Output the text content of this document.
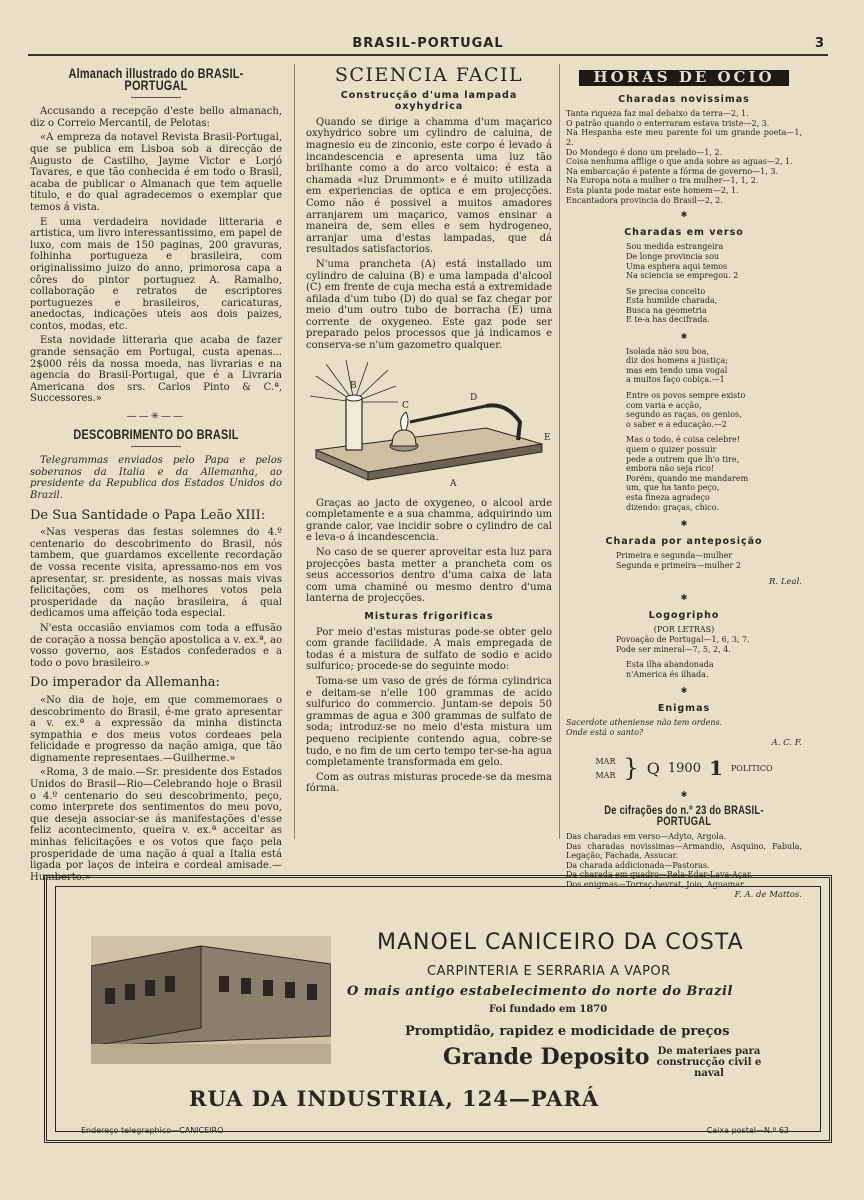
BRASIL-PORTUGAL	3
Almanach illustrado do BRASIL-PORTUGAL

Accusando a recepção d'este bello almanach, diz o Correio Mercantil, de Pelotas:

«A empreza da notavel Revista Brasil-Portugal, que se publica em Lisboa sob a direcção de Augusto de Castilho, Jayme Victor e Lorjó Tavares, e que tão conhecida é em todo o Brasil, acaba de publicar o Almanach que tem aquelle titulo, e do qual agradecemos o exemplar que temos á vista.

E uma verdadeira novidade litteraria e artistica, um livro interessantissimo, em papel de luxo, com mais de 150 paginas, 200 gravuras, folhinha portugueza e brasileira, com originalissimo juizo do anno, primorosa capa a côres do pintor portuguez A. Ramalho, collaboração e retratos de escriptores portuguezes e brasileiros, caricaturas, anedoctas, indicações uteis aos dois paizes, contos, modas, etc.

Esta novidade litteraria que acaba de fazer grande sensação em Portugal, custa apenas... 2$000 réis da nossa moeda, nas livrarias e na agencia do Brasil-Portugal, que é a Livraria Americana dos srs. Carlos Pinto & C.ª, Successores.»

——✳——
DESCOBRIMENTO DO BRASIL

Telegrammas enviados pelo Papa e pelos soberanos da Italia e da Allemanha, ao presidente da Republica dos Estados Unidos do Brazil.

De Sua Santidade o Papa Leão XIII:

«Nas vesperas das festas solemnes do 4.º centenario do descobrimento do Brasil, nós tambem, que guardamos excellente recordação de vossa recente visita, apressamo-nos em vos apresentar, sr. presidente, as nossas mais vivas felicitações, com os melhores votos pela prosperidade da nação brasileira, á qual dedicamos uma affeição toda especial.

N'esta occasião enviamos com toda a effusão de coração a nossa benção apostolica a v. ex.ª, ao vosso governo, aos Estados confederados e a todo o povo brasileiro.»

Do imperador da Allemanha:

«No dia de hoje, em que commemoraes o descobrimento do Brasil, é-me grato apresentar a v. ex.ª a expressão da minha distincta sympathia e dos meus votos cordeaes pela felicidade e progresso da nação amiga, que tão dignamente representaes.—Guilherme.»

«Roma, 3 de maio.—Sr. presidente dos Estados Unidos do Brasil—Rio—Celebrando hoje o Brasil o 4.º centenario do seu descobrimento, peço, como interprete dos sentimentos do meu povo, que deseja associar-se ás manifestações d'esse feliz acontecimento, queira v. ex.ª acceitar as minhas felicitações e os votos que faço pela prosperidade de uma nação á qual a Italia está ligada por laços de inteira e cordeal amisade.—Humberto.»

SCIENCIA FACIL
Construcção d'uma lampada oxyhydrica

Quando se dirige a chamma d'um maçarico oxyhydrico sobre um cylindro de caluina, de magnesio eu de zinconio, este corpo é levado á incandescencia e apresenta uma luz tão brilhante como a do arco voltaico: é esta a chamada «luz Drummont» e é muito utilizada em experiencias de optica e em projecções. Como não é possivel a muitos amadores arranjarem um maçarico, vamos ensinar a maneira de, sem elles e sem hydrogeneo, arranjar uma d'estas lampadas, que dá resultados satisfactorios.

N'uma prancheta (A) está installado um cylindro de caluina (B) e uma lampada d'alcool (C) em frente de cuja mecha está a extremidade afilada d'um tubo (D) do qual se faz chegar por meio d'um outro tubo de borracha (E) uma corrente de oxygeneo. Este gaz pode ser preparado pelos processos que já indicamos e conserva-se n'um gazometro qualquer.

B
C
D
E
A

Graças ao jacto de oxygeneo, o alcool arde completamente e a sua chamma, adquirindo um grande calor, vae incidir sobre o cylindro de cal e leva-o á incandescencia.

No caso de se querer aproveitar esta luz para projecções basta metter a prancheta com os seus accessorios dentro d'uma caixa de lata com uma chaminé ou mesmo dentro d'uma lanterna de projecções.

Misturas frigorificas

Por meio d'estas misturas pode-se obter gelo com grande facilidade. A mais empregada de todas é a mistura de sulfato de sodio e acido sulfurico; procede-se do seguinte modo:

Toma-se um vaso de grés de fórma cylindrica e deitam-se n'elle 100 grammas de acido sulfurico do commercio. Juntam-se depois 50 grammas de agua e 300 grammas de sulfato de soda; introduz-se no meio d'esta mistura um pequeno recipiente contendo agua, cobre-se tudo, e no fim de um certo tempo ter-se-ha agua completamente transformada em gelo.

Com as outras misturas procede-se da mesma fórma.

HORAS DE OCIO
Charadas novissimas
Tanta riqueza faz mal debaixo da terra—2, 1.
O patrão quando o enterraram estava triste—2, 3.
Na Hespanha este meu parente foi um grande poeta—1, 2.
Do Mondego é dono um prelado—1, 2.
Coisa nenhuma afflige o que anda sobre as aguas—2, 1.
Na embarcação é patente a fórma de governo—1, 3.
Na Europa nota a mulher o tra mulher—1, 1, 2.
Esta planta pode matar este homem—2, 1.
Encantadora provincia do Brasil—2, 2.
✱
Charadas em verso
Sou medida estrangeira
De longe provincia sou
Uma esphera aqui temos
Na sciencia se empregou. 2
Se precisa conceito
Esta humilde charada,
Busca na geometria
E te-a has decifrada.
✱
Isolada não sou boa,
diz dos homens a justiça;
mas em tendo uma vogal
a muitos faço cobiça.—1
Entre os povos sempre existo
com varia e acção,
segundo as raças, os genios,
o saber e a educação.—2
Mas o todo, é coisa celebre!
quem o quizer possuir
pede a outrem que lh'o tire,
embora não seja rico!
Porém, quando me mandarem
um, que ha tanto peço,
esta fineza agradeço
dizendo: graças, chico.
✱
Charada por anteposição
Primeira e segunda—mulher
Segunda e primeira—mulher 2
R. Leal.
✱
Logogripho
(POR LETRAS)
Povoação de Portugal—1, 6, 3, 7.
Pode ser mineral—7, 5, 2, 4.
Esta ilha abandonada
n'America és ilhada.
✱
Enigmas
Sacerdote atheniense não tem ordens.
Onde está o santo?
A. C. F.
MAR
MAR } Q 1900 1 POLITICO
✱
De cifrações do n.º 23 do BRASIL-PORTUGAL
Das charadas em verso—Adyto, Argola.
Das charadas novissimas—Armandio, Asquino, Fabula, Legação, Fachada, Assucar.
Da charada addicionada—Pastoras.
Da charada em quadro—Rela-Edar-Lava-Açar.
Dos enigmas—Torraç-bevrat, Joio, Aguamar.
F. A. de Mattos.
MANOEL CANICEIRO DA COSTA
CARPINTERIA E SERRARIA A VAPOR
O mais antigo estabelecimento do norte do Brazil
Foi fundado em 1870
Promptidão, rapidez e modicidade de preços
Grande Deposito De materiaes para construcção civil e naval
RUA DA INDUSTRIA, 124—PARÁ
Endereço telegraphico—CANICEIRO	Caixa postal—N.º 63
